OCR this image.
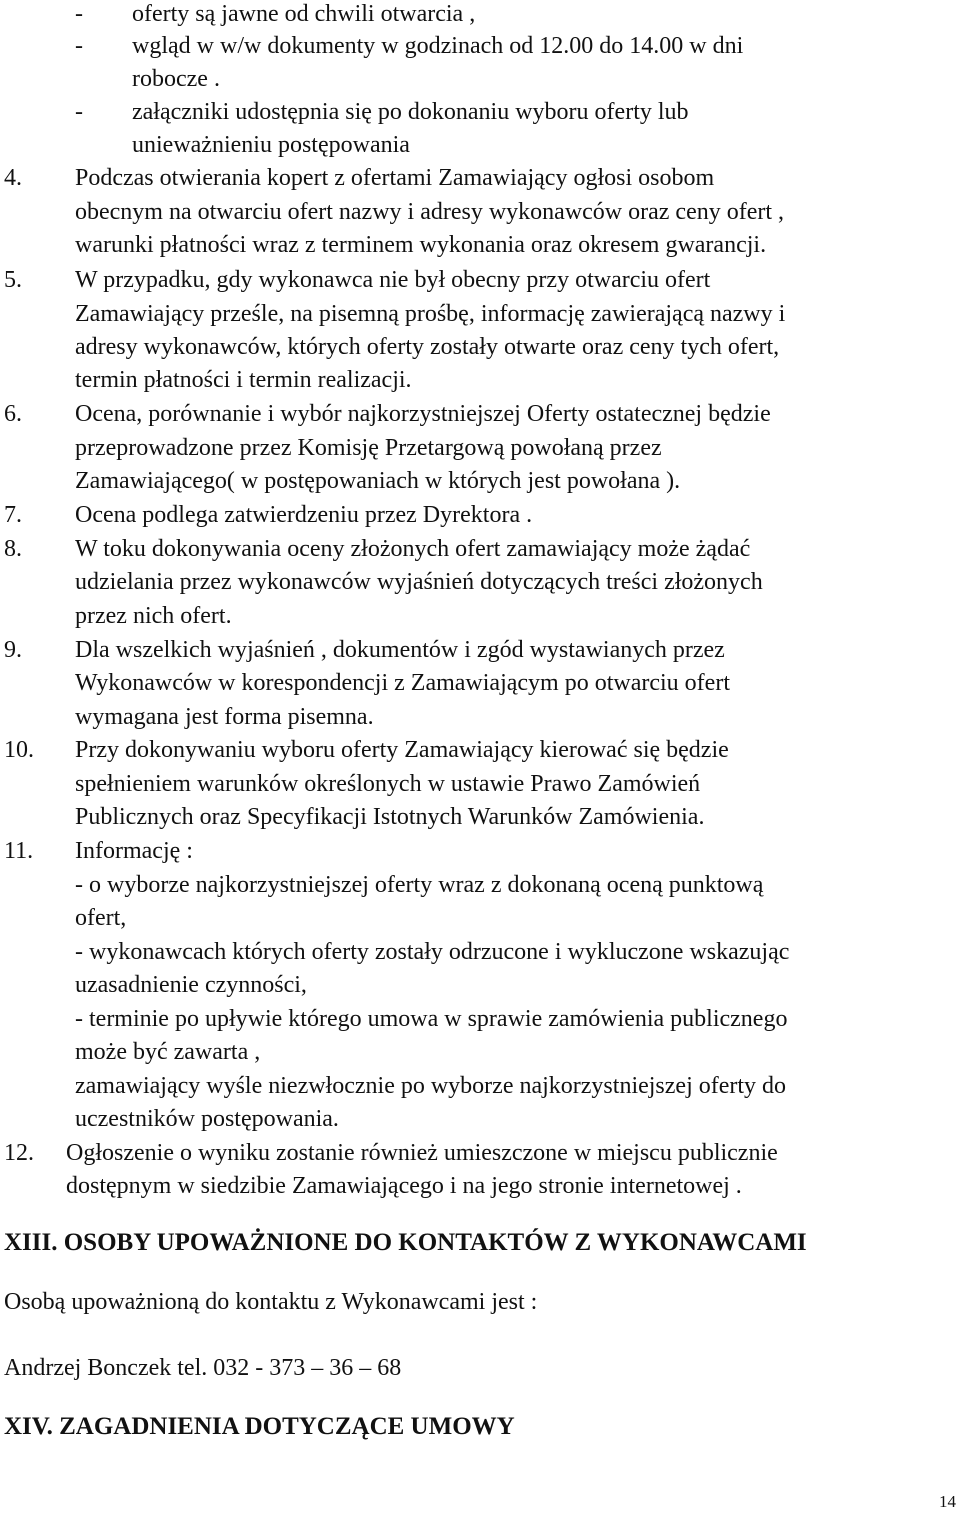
- oferty są jawne od chwili otwarcia ,
- wgląd w w/w dokumenty w godzinach od 12.00 do 14.00 w dni
robocze .
- załączniki udostępnia się po dokonaniu wyboru oferty lub
unieważnieniu postępowania
4. Podczas otwierania kopert z ofertami Zamawiający ogłosi osobom
obecnym na otwarciu ofert nazwy i adresy wykonawców oraz ceny ofert ,
warunki płatności wraz z terminem wykonania oraz okresem gwarancji.
5. W przypadku, gdy wykonawca nie był obecny przy otwarciu ofert
Zamawiający prześle, na pisemną prośbę, informację zawierającą nazwy i
adresy wykonawców, których oferty zostały otwarte oraz ceny tych ofert,
termin płatności i termin realizacji.
6. Ocena, porównanie i wybór najkorzystniejszej Oferty ostatecznej będzie
przeprowadzone przez Komisję Przetargową powołaną przez
Zamawiającego( w postępowaniach w których jest powołana ).
7. Ocena podlega zatwierdzeniu przez Dyrektora .
8. W toku dokonywania oceny złożonych ofert zamawiający może żądać
udzielania przez wykonawców wyjaśnień dotyczących treści złożonych
przez nich ofert.
9. Dla wszelkich wyjaśnień , dokumentów i zgód wystawianych przez
Wykonawców w korespondencji z Zamawiającym po otwarciu ofert
wymagana jest forma pisemna.
10. Przy dokonywaniu wyboru oferty Zamawiający kierować się będzie
spełnieniem warunków określonych w ustawie Prawo Zamówień
Publicznych oraz Specyfikacji Istotnych Warunków Zamówienia.
11. Informację :
- o wyborze najkorzystniejszej oferty wraz z dokonaną oceną punktową
ofert,
- wykonawcach których oferty zostały odrzucone i wykluczone wskazując
uzasadnienie czynności,
- terminie po upływie którego umowa w sprawie zamówienia publicznego
może być zawarta ,
zamawiający wyśle niezwłocznie po wyborze najkorzystniejszej oferty do
uczestników postępowania.
12. Ogłoszenie o wyniku zostanie również umieszczone w miejscu publicznie
dostępnym w siedzibie Zamawiającego i na jego stronie internetowej .
XIII. OSOBY UPOWAŻNIONE DO KONTAKTÓW Z WYKONAWCAMI
Osobą upoważnioną do kontaktu z Wykonawcami jest :
Andrzej Bonczek tel. 032 - 373 – 36 – 68
XIV. ZAGADNIENIA DOTYCZĄCE UMOWY
14
